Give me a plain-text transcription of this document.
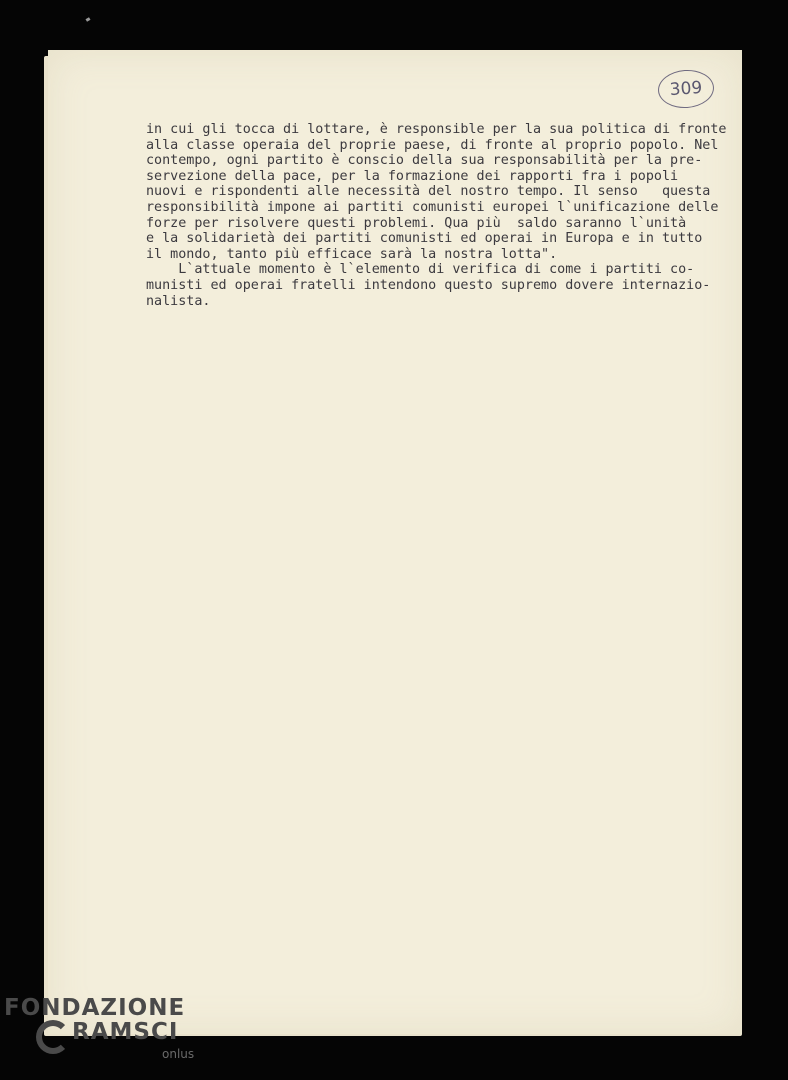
309
in cui gli tocca di lottare, è responsible per la sua politica di fronte
alla classe operaia del proprie paese, di fronte al proprio popolo. Nel
contempo, ogni partito è conscio della sua responsabilità per la pre-
servezione della pace, per la formazione dei rapporti fra i popoli
nuovi e rispondenti alle necessità del nostro tempo. Il senso   questa
responsibilità impone ai partiti comunisti europei l`unificazione delle
forze per risolvere questi problemi. Qua più  saldo saranno l`unità
e la solidarietà dei partiti comunisti ed operai in Europa e in tutto
il mondo, tanto più efficace sarà la nostra lotta".
L`attuale momento è l`elemento di verifica di come i partiti co-
munisti ed operai fratelli intendono questo supremo dovere internazio-
nalista.
FONDAZIONE
RAMSCI
onlus
